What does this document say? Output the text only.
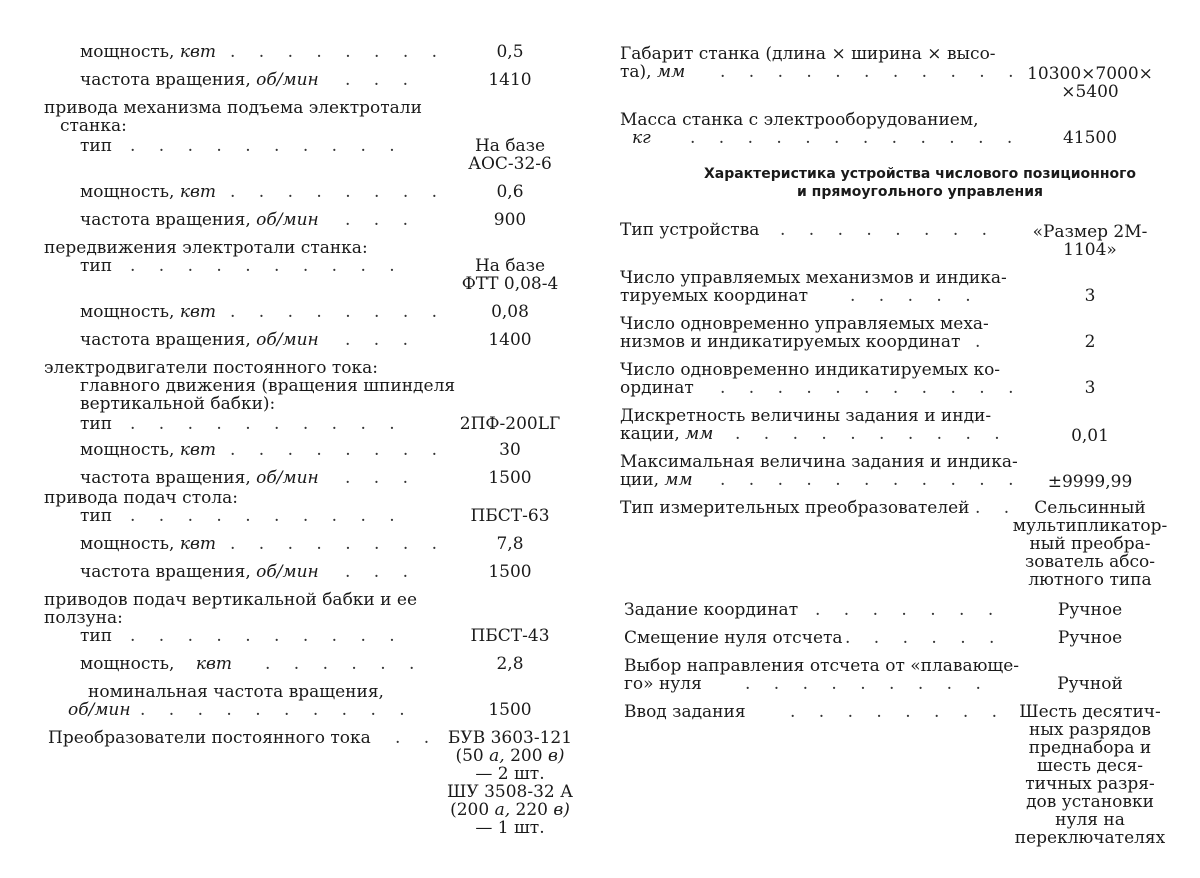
мощность, квт . . . . . . . .	0,5
частота вращения, об/мин . . .	1410
привода механизма подъема электротали
станка:
тип . . . . . . . . . .	На базе
АОС-32-6
мощность, квт . . . . . . . .	0,6
частота вращения, об/мин . . .	900
передвижения электротали станка:
тип . . . . . . . . . .	На базе
ФТТ 0,08-4
мощность, квт . . . . . . . .	0,08
частота вращения, об/мин . . .	1400
электродвигатели постоянного тока:
главного движения (вращения шпинделя
вертикальной бабки):
тип . . . . . . . . . .	2ПФ-200LГ
мощность, квт . . . . . . . .	30
частота вращения, об/мин . . .	1500
привода подач стола:
тип . . . . . . . . . .	ПБСТ-63
мощность, квт . . . . . . . .	7,8
частота вращения, об/мин . . .	1500
приводов подач вертикальной бабки и ее
ползуна:
тип . . . . . . . . . .	ПБСТ-43
мощность, квт . . . . . .	2,8
номинальная частота вращения,
об/мин . . . . . . . . . .	1500
Преобразователи постоянного тока . . БУВ 3603-121
(50 а, 200 в)
— 2 шт.
ШУ 3508-32 А
(200 а, 220 в)
— 1 шт.
Габарит станка (длина × ширина × высо-
та), мм . . . . . . . . . . . 10300×7000×
×5400
Масса станка с электрооборудованием,
кг . . . . . . . . . . . .	41500
Характеристика устройства числового позиционного
и прямоугольного управления
Тип устройства . . . . . . . .	«Размер 2М-
1104»
Число управляемых механизмов и индика-
тируемых координат . . . . .	3
Число одновременно управляемых меха-
низмов и индикатируемых координат .	2
Число одновременно индикатируемых ко-
ординат . . . . . . . . . . .	3
Дискретность величины задания и инди-
кации, мм . . . . . . . . . .	0,01
Максимальная величина задания и индика-
ции, мм . . . . . . . . . . .	±9999,99
Тип измерительных преобразователей . . Сельсинный
мультипликатор-
ный преобра-
зователь абсо-
лютного типа
Задание координат . . . . . . .	Ручное
Смещение нуля отсчета . . . . . .	Ручное
Выбор направления отсчета от «плавающе-
го» нуля	. . . . . . . . .	Ручной
Ввод задания	. . . . . . . . Шесть десятич-
ных разрядов
преднабора и
шесть деся-
тичных разря-
дов установки
нуля на
переключателях
